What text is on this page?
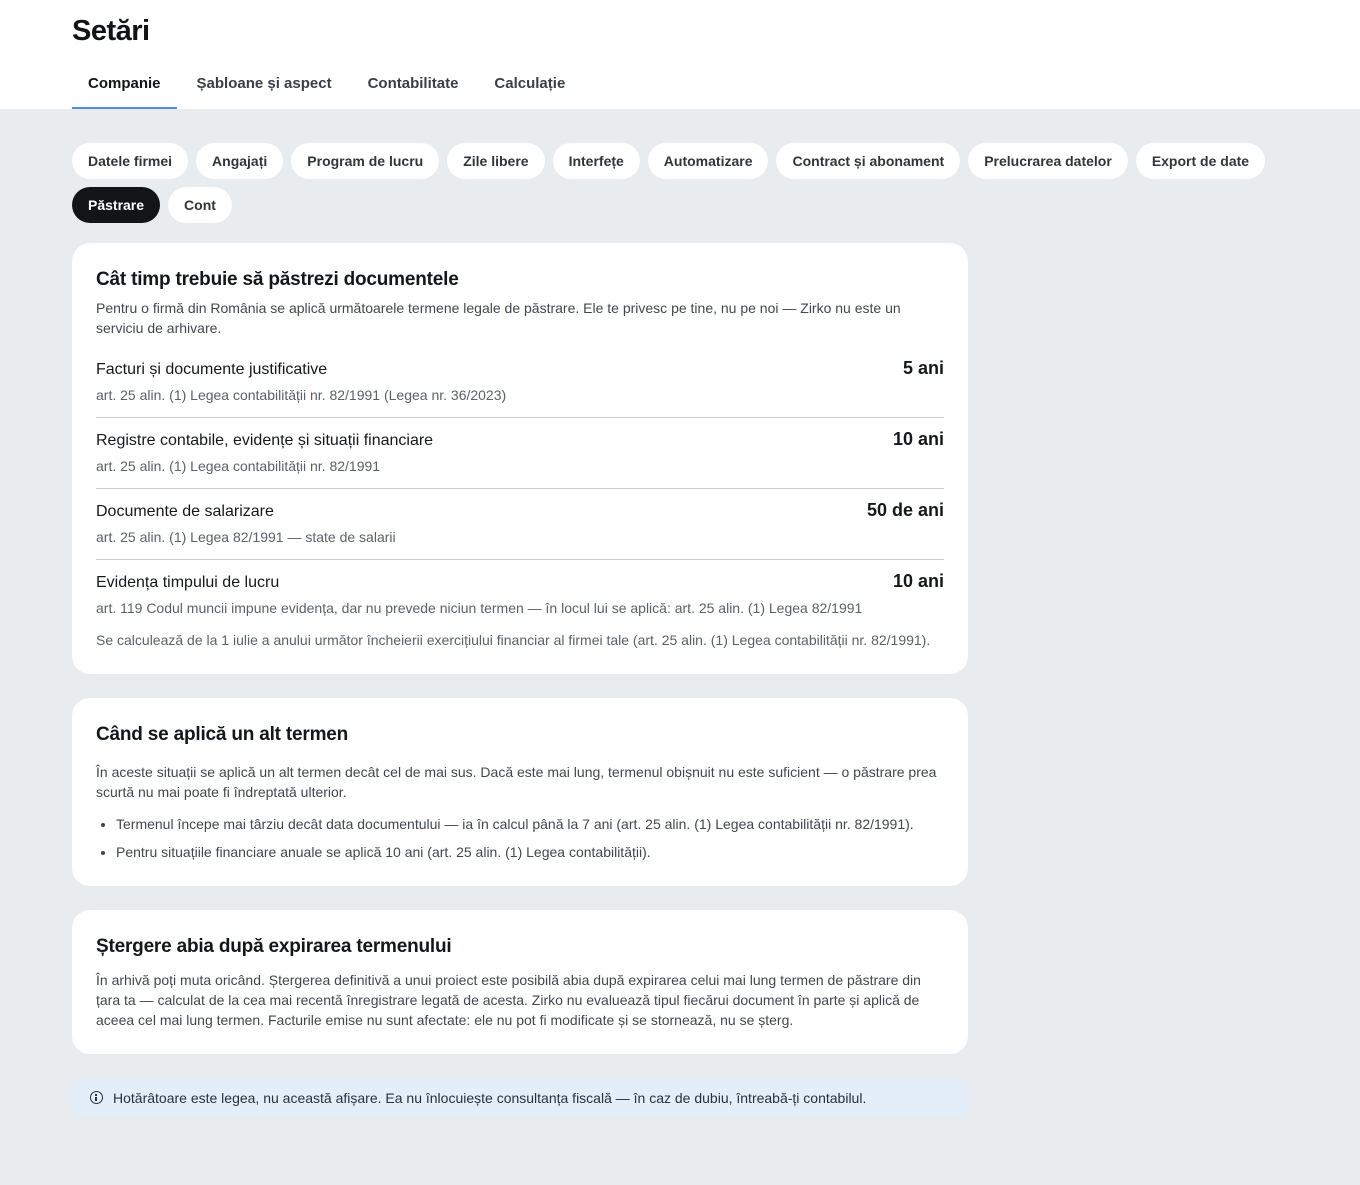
Setări
Companie	Șabloane și aspect	Contabilitate	Calculație
Datele firmei	Angajați	Program de lucru	Zile libere	Interfețe	Automatizare	Contract și abonament	Prelucrarea datelor	Export de date
Păstrare	Cont
Cât timp trebuie să păstrezi documentele

Pentru o firmă din România se aplică următoarele termene legale de păstrare. Ele te privesc pe tine, nu pe noi — Zirko nu este un serviciu de arhivare.

Facturi și documente justificative	5 ani
art. 25 alin. (1) Legea contabilității nr. 82/1991 (Legea nr. 36/2023)
Registre contabile, evidențe și situații financiare	10 ani
art. 25 alin. (1) Legea contabilității nr. 82/1991
Documente de salarizare	50 de ani
art. 25 alin. (1) Legea 82/1991 — state de salarii
Evidența timpului de lucru	10 ani
art. 119 Codul muncii impune evidența, dar nu prevede niciun termen — în locul lui se aplică: art. 25 alin. (1) Legea 82/1991

Se calculează de la 1 iulie a anului următor încheierii exercițiului financiar al firmei tale (art. 25 alin. (1) Legea contabilității nr. 82/1991).

Când se aplică un alt termen

În aceste situații se aplică un alt termen decât cel de mai sus. Dacă este mai lung, termenul obișnuit nu este suficient — o păstrare prea scurtă nu mai poate fi îndreptată ulterior.

• Termenul începe mai târziu decât data documentului — ia în calcul până la 7 ani (art. 25 alin. (1) Legea contabilității nr. 82/1991).
• Pentru situațiile financiare anuale se aplică 10 ani (art. 25 alin. (1) Legea contabilității).
Ștergere abia după expirarea termenului

În arhivă poți muta oricând. Ștergerea definitivă a unui proiect este posibilă abia după expirarea celui mai lung termen de păstrare din țara ta — calculat de la cea mai recentă înregistrare legată de acesta. Zirko nu evaluează tipul fiecărui document în parte și aplică de aceea cel mai lung termen. Facturile emise nu sunt afectate: ele nu pot fi modificate și se stornează, nu se șterg.

Hotărâtoare este legea, nu această afișare. Ea nu înlocuiește consultanța fiscală — în caz de dubiu, întreabă-ți contabilul.
